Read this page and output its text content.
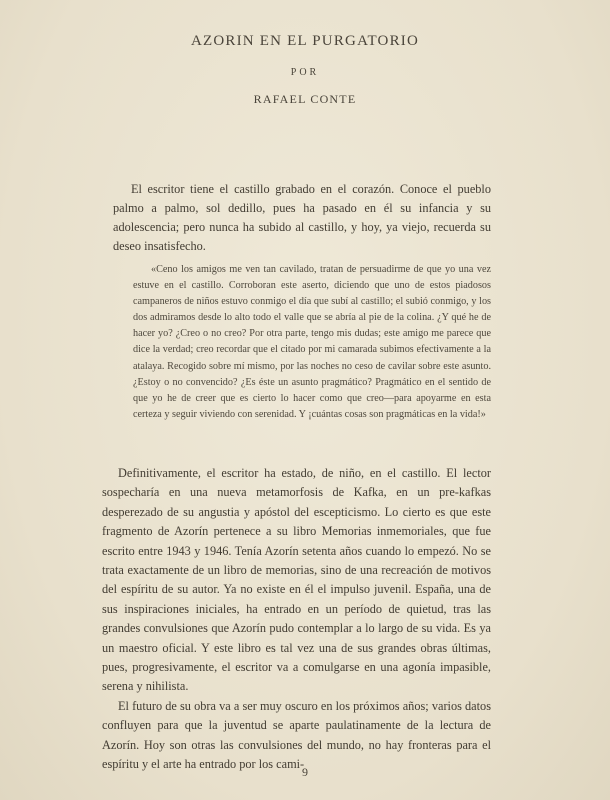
AZORIN EN EL PURGATORIO
POR
RAFAEL CONTE

El escritor tiene el castillo grabado en el corazón. Conoce el pueblo palmo a palmo, sol dedillo, pues ha pasado en él su infancia y su adolescencia; pero nunca ha subido al castillo, y hoy, ya viejo, recuerda su deseo insatisfecho.

«Ceno los amigos me ven tan cavilado, tratan de persuadirme de que yo una vez estuve en el castillo. Corroboran este aserto, diciendo que uno de estos piadosos campaneros de niños estuvo conmigo el día que subí al castillo; el subió conmigo, y los dos admiramos desde lo alto todo el valle que se abría al pie de la colina. ¿Y qué he de hacer yo? ¿Creo o no creo? Por otra parte, tengo mis dudas; este amigo me parece que dice la verdad; creo recordar que el citado por mi camarada subimos efectivamente a la atalaya. Recogido sobre mí mismo, por las noches no ceso de cavilar sobre este asunto. ¿Estoy o no convencido? ¿Es éste un asunto pragmático? Pragmático en el sentido de que yo he de creer que es cierto lo hacer como que creo—para apoyarme en esta certeza y seguir viviendo con serenidad. Y ¡cuántas cosas son pragmáticas en la vida!»

Definitivamente, el escritor ha estado, de niño, en el castillo. El lector sospecharía en una nueva metamorfosis de Kafka, en un pre-kafkas desperezado de su angustia y apóstol del escepticismo. Lo cierto es que este fragmento de Azorín pertenece a su libro Memorias inmemoriales, que fue escrito entre 1943 y 1946. Tenía Azorín setenta años cuando lo empezó. No se trata exactamente de un libro de memorias, sino de una recreación de motivos del espíritu de su autor. Ya no existe en él el impulso juvenil. España, una de sus inspiraciones iniciales, ha entrado en un período de quietud, tras las grandes convulsiones que Azorín pudo contemplar a lo largo de su vida. Es ya un maestro oficial. Y este libro es tal vez una de sus grandes obras últimas, pues, progresivamente, el escritor va a comulgarse en una agonía impasible, serena y nihilista.

El futuro de su obra va a ser muy oscuro en los próximos años; varios datos confluyen para que la juventud se aparte paulatinamente de la lectura de Azorín. Hoy son otras las convulsiones del mundo, no hay fronteras para el espíritu y el arte ha entrado por los cami-

9
